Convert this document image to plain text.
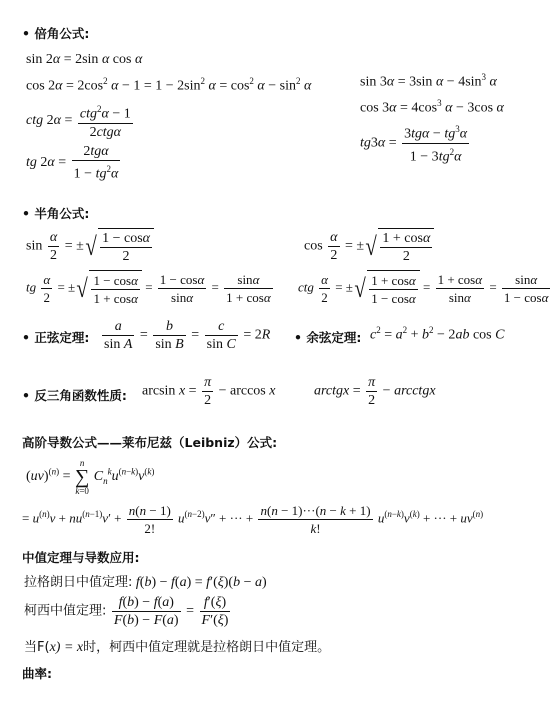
• 倍角公式:
sin 2α = 2sin α cos α
$\cos 2\alpha = 2\cos^2$ $\alpha - 1 = 1 - 2\sin^2$ $\alpha = \cos^2 \alpha - \sin^2 \alpha$	sin 3α = 3sin $\alpha - 4\sin^3$ α
$\cos 3\alpha = 4\cos^3$ α − 3cos α
ctg $2\alpha = \frac{ctg^2\alpha - 1}{\text{2ctgα}}$
$tg3\alpha = \frac{3tg\alpha - tg^3\alpha}{1 - 3tg^2\alpha}$
tg $2\alpha = \frac{\text{2tgα}}{1 - tg^2\alpha}$
• 半角公式:
$\sin \frac{\alpha}{2}$ = ±√ $\frac{1 - \cos\alpha}{2}$	$\cos \frac{\alpha}{2}$ = ±√ $\frac{1 + \cos\alpha}{2}$
tg $\frac{\alpha}{2}$ = ±√ $\frac{1 - \cos\alpha}{1 + \cos\alpha} = \frac{1 - \cos\alpha}{\sin\alpha} = \frac{\sin\alpha}{1 + \cos\alpha}$ ctg $\frac{\alpha}{2}$ = ±√ $\frac{1 + \cos\alpha}{1 - \cos\alpha} = \frac{1 + \cos\alpha}{\sin\alpha} = \frac{\sin\alpha}{1 - \cos\alpha}$
• 正弦定理: $\frac{a}{\text{sin A}} = \frac{b}{\text{sin B}} = \frac{c}{\text{sin C}} = 2R$ • 余弦定理: $c^2 = a^2 + b^2 - 2ab$ cos C
• 反三角函数性质: $\arcsin x = \frac{\pi}{2} - \arccos x$	arctgx = $\frac{\pi}{2}$ − arcctgx
高阶导数公式——莱布尼兹（Leibniz）公式:
(uv)$^{(n)}$ = n
∑
k=0 $C_n^ku^{(n-k)}v^{(k)}$
= $u^{(n)}v + nu^{(n-1)}v' + \frac{n(n - 1)}{2!} u^{(n-2)}v''$ + ··· + $\frac{n(n - 1)\cdot\cdot\cdot(n - k + 1)}{k!} u^{(n-k)}v^{(k)}$ + ··· + $uv^{(n)}$
中值定理与导数应用:
拉格朗日中值定理: f(b) − f(a) = f′(ξ)(b − a)
柯西中值定理: $\frac{f(b) - f(a)}{F(b) - F(a)} = \frac{f'(\xi)}{F'(\xi)}$
当F(x) = x时，柯西中值定理就是拉格朗日中值定理。
曲率:
